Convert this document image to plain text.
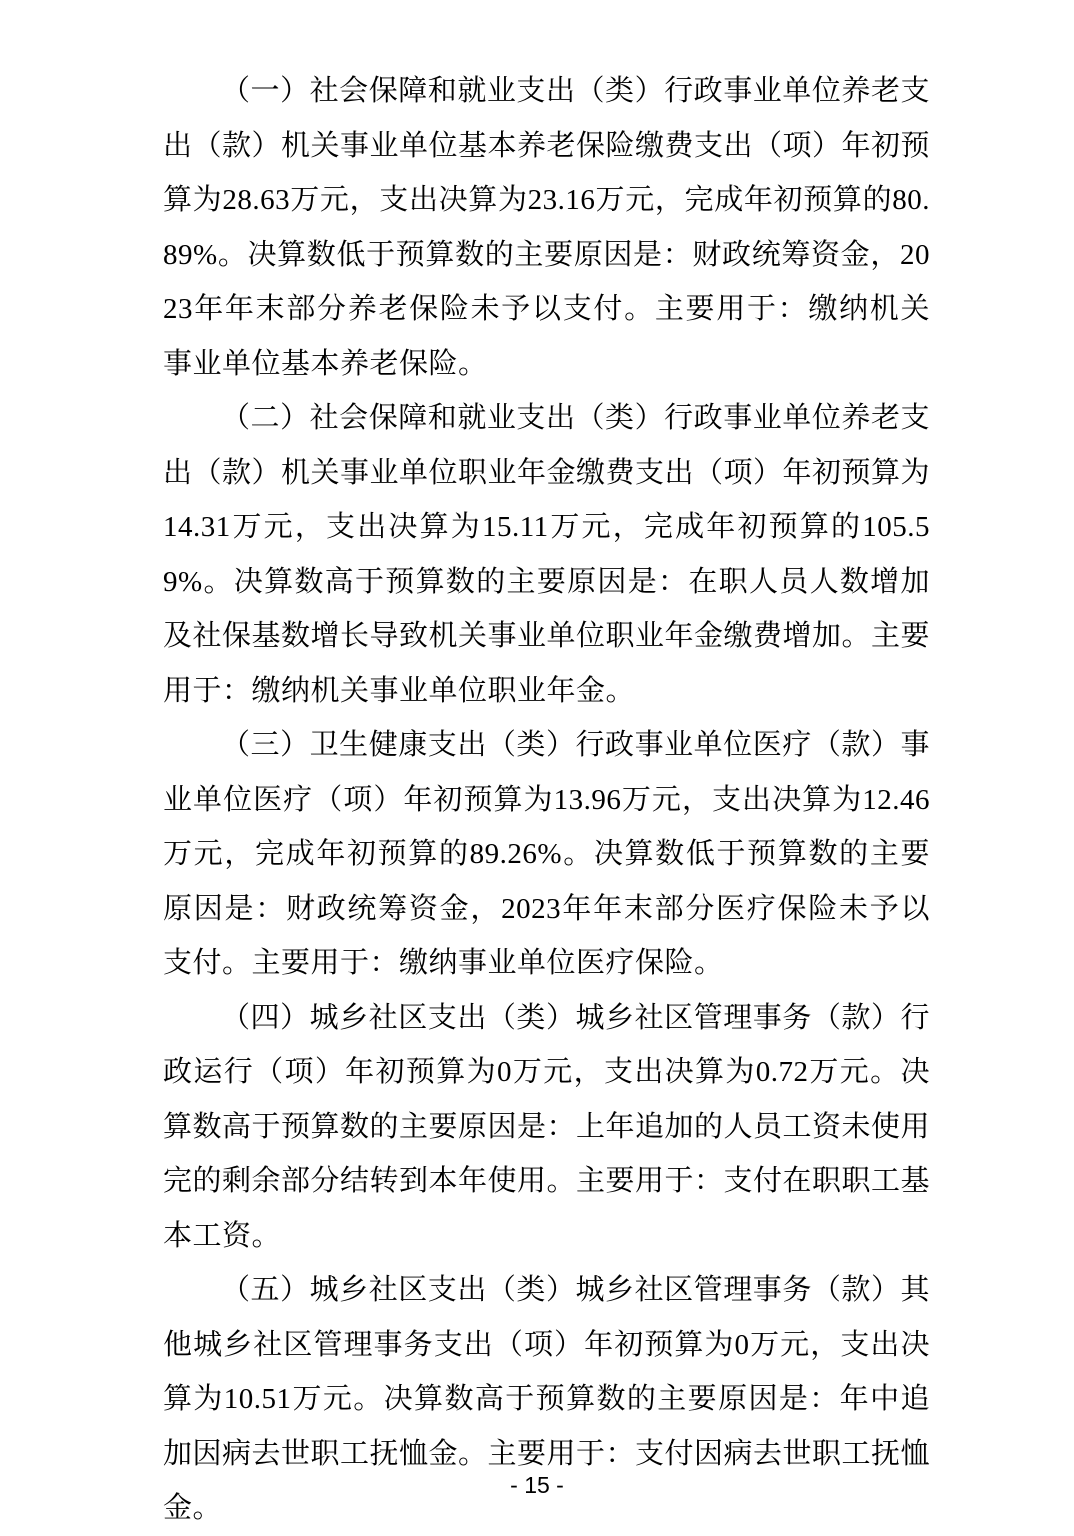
（一）社会保障和就业支出（类）行政事业单位养老支出（款）机关事业单位基本养老保险缴费支出（项）年初预算为28.63万元，支出决算为23.16万元，完成年初预算的80.89%。决算数低于预算数的主要原因是：财政统筹资金，2023年年末部分养老保险未予以支付。主要用于：缴纳机关事业单位基本养老保险。

（二）社会保障和就业支出（类）行政事业单位养老支出（款）机关事业单位职业年金缴费支出（项）年初预算为14.31万元，支出决算为15.11万元，完成年初预算的105.59%。决算数高于预算数的主要原因是：在职人员人数增加及社保基数增长导致机关事业单位职业年金缴费增加。主要用于：缴纳机关事业单位职业年金。

（三）卫生健康支出（类）行政事业单位医疗（款）事业单位医疗（项）年初预算为13.96万元，支出决算为12.46万元，完成年初预算的89.26%。决算数低于预算数的主要原因是：财政统筹资金，2023年年末部分医疗保险未予以支付。主要用于：缴纳事业单位医疗保险。

（四）城乡社区支出（类）城乡社区管理事务（款）行政运行（项）年初预算为0万元，支出决算为0.72万元。决算数高于预算数的主要原因是：上年追加的人员工资未使用完的剩余部分结转到本年使用。主要用于：支付在职职工基本工资。

（五）城乡社区支出（类）城乡社区管理事务（款）其他城乡社区管理事务支出（项）年初预算为0万元，支出决算为10.51万元。决算数高于预算数的主要原因是：年中追加因病去世职工抚恤金。主要用于：支付因病去世职工抚恤金。

- 15 -
